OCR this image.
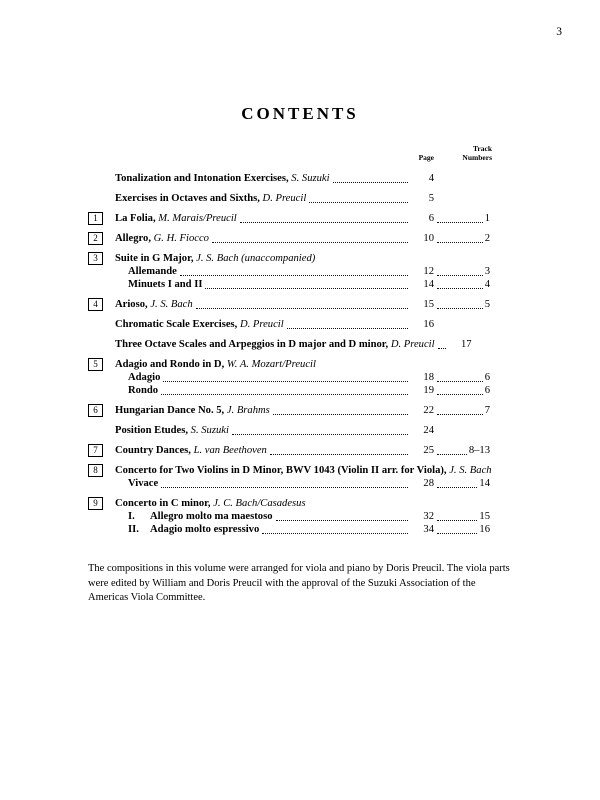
3
CONTENTS
Page
Track
Numbers
Tonalization and Intonation Exercises, S. Suzuki	4
Exercises in Octaves and Sixths, D. Preucil	5
1	La Folia, M. Marais/Preucil	6	1
2	Allegro, G. H. Fiocco	10	2
3	Suite in G Major, J. S. Bach (unaccompanied)
Allemande	12	3
Minuets I and II	14	4
4	Arioso, J. S. Bach	15	5
Chromatic Scale Exercises, D. Preucil	16
Three Octave Scales and Arpeggios in D major and D minor, D. Preucil	17
5	Adagio and Rondo in D, W. A. Mozart/Preucil
Adagio	18	6
Rondo	19	6
6	Hungarian Dance No. 5, J. Brahms	22	7
Position Etudes, S. Suzuki	24
7	Country Dances, L. van Beethoven	25	8–13
8	Concerto for Two Violins in D Minor, BWV 1043 (Violin II arr. for Viola), J. S. Bach
Vivace	28	14
9	Concerto in C minor, J. C. Bach/Casadesus
I.	Allegro molto ma maestoso	32	15
II.	Adagio molto espressivo	34	16

The compositions in this volume were arranged for viola and piano by Doris Preucil. The viola parts were edited by William and Doris Preucil with the approval of the Suzuki Association of the Americas Viola Committee.
